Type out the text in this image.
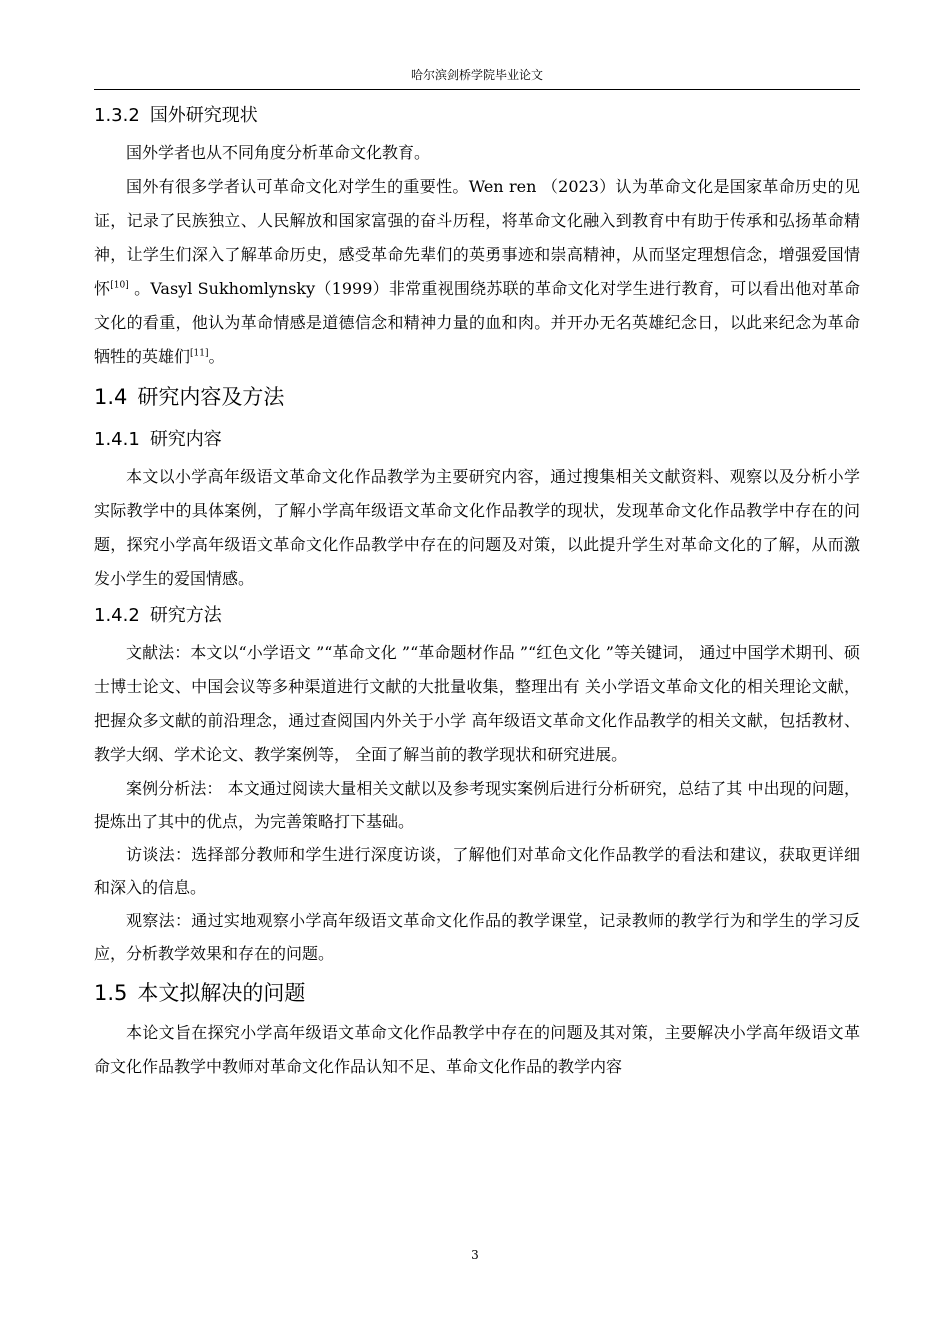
哈尔滨剑桥学院毕业论文
1.3.2 国外研究现状

国外学者也从不同角度分析革命文化教育。

国外有很多学者认可革命文化对学生的重要性。Wen ren （2023）认为革命文化是国家革命历史的见证，记录了民族独立、人民解放和国家富强的奋斗历程，将革命文化融入到教育中有助于传承和弘扬革命精神，让学生们深入了解革命历史，感受革命先辈们的英勇事迹和崇高精神，从而坚定理想信念，增强爱国情怀[10] 。Vasyl Sukhomlynsky（1999）非常重视围绕苏联的革命文化对学生进行教育，可以看出他对革命文化的看重，他认为革命情感是道德信念和精神力量的血和肉。并开办无名英雄纪念日，以此来纪念为革命牺牲的英雄们[11]。

1.4 研究内容及方法
1.4.1 研究内容

本文以小学高年级语文革命文化作品教学为主要研究内容，通过搜集相关文献资料、观察以及分析小学实际教学中的具体案例，了解小学高年级语文革命文化作品教学的现状，发现革命文化作品教学中存在的问题，探究小学高年级语文革命文化作品教学中存在的问题及对策，以此提升学生对革命文化的了解，从而激发小学生的爱国情感。

1.4.2 研究方法

文献法：本文以“小学语文 ”“革命文化 ”“革命题材作品 ”“红色文化 ”等关键词， 通过中国学术期刊、硕士博士论文、中国会议等多种渠道进行文献的大批量收集，整理出有 关小学语文革命文化的相关理论文献，把握众多文献的前沿理念，通过查阅国内外关于小学 高年级语文革命文化作品教学的相关文献，包括教材、教学大纲、学术论文、教学案例等， 全面了解当前的教学现状和研究进展。

案例分析法： 本文通过阅读大量相关文献以及参考现实案例后进行分析研究，总结了其 中出现的问题，提炼出了其中的优点，为完善策略打下基础。

访谈法：选择部分教师和学生进行深度访谈，了解他们对革命文化作品教学的看法和建议，获取更详细和深入的信息。

观察法：通过实地观察小学高年级语文革命文化作品的教学课堂，记录教师的教学行为和学生的学习反应，分析教学效果和存在的问题。

1.5 本文拟解决的问题

本论文旨在探究小学高年级语文革命文化作品教学中存在的问题及其对策，主要解决小学高年级语文革命文化作品教学中教师对革命文化作品认知不足、革命文化作品的教学内容

3
